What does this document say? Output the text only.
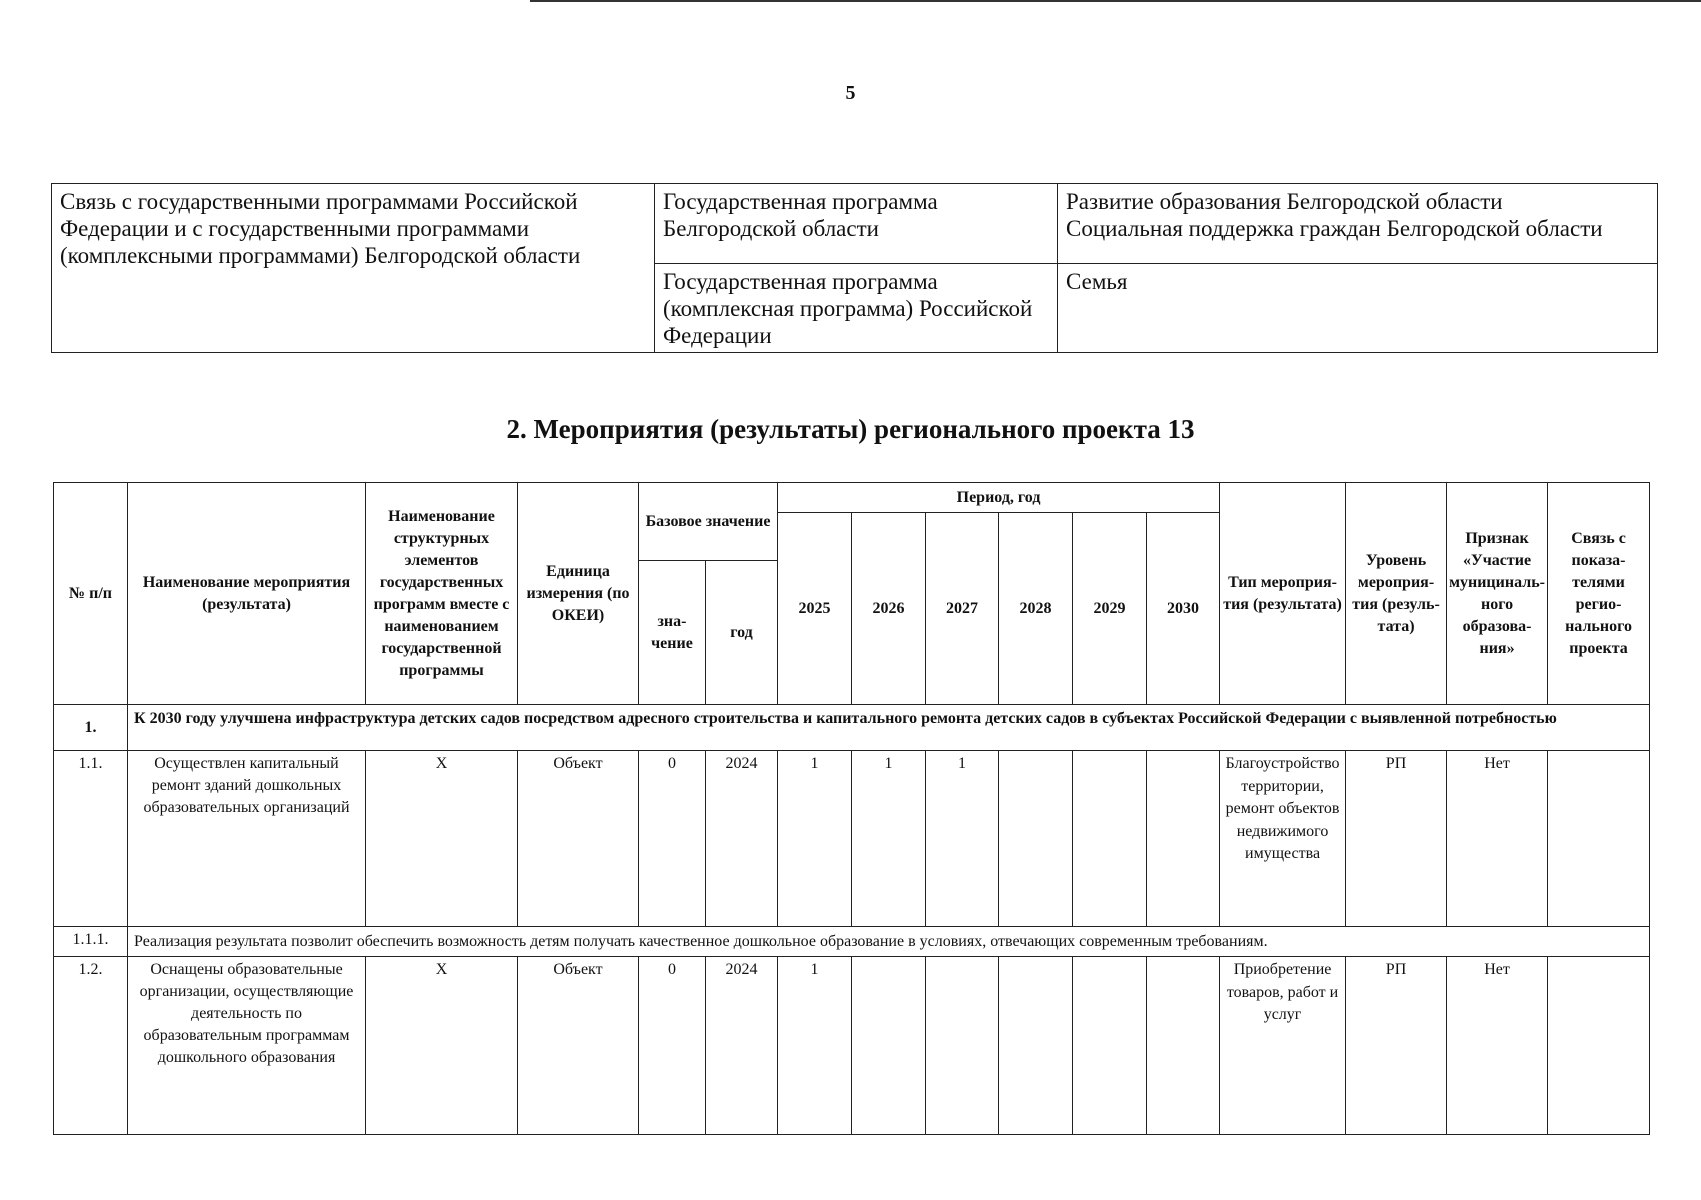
5
Связь с государственными программами Российской Федерации и с государственными программами (комплексными программами) Белгородской области	Государственная программа Белгородской области	Развитие образования Белгородской области
Социальная поддержка граждан Белгородской области

	Государственная программа (комплексная программа) Российской Федерации	Семья
2. Мероприятия (результаты) регионального проекта 13
№ п/п	Наименование мероприятия (результата)	Наименование структурных элементов государственных программ вместе с наименованием государственной программы	Единица измерения (по ОКЕИ)	Базовое значение		Период, год						Тип мероприятия (результата)	Уровень мероприятия (результата)	Признак «Участие муницинального образования»	Связь с показателями регионального проекта
						2025	2026	2027	2028	2029	2030				
				значение	год										
1.	К 2030 году улучшена инфраструктура детских садов посредством адресного строительства и капитального ремонта детских садов в субъектах Российской Федерации с выявленной потребностью														
1.1.	Осуществлен капитальный ремонт зданий дошкольных образовательных организаций	Х	Объект	0	2024	1	1	1				Благоустройство территории, ремонт объектов недвижимого имущества	РП	Нет	
1.1.1.	Реализация результата позволит обеспечить возможность детям получать качественное дошкольное образование в условиях, отвечающих современным требованиям.														
1.2.	Оснащены образовательные организации, осуществляющие деятельность по образовательным программам дошкольного образования	Х	Объект	0	2024	1						Приобретение товаров, работ и услуг	РП	Нет	
